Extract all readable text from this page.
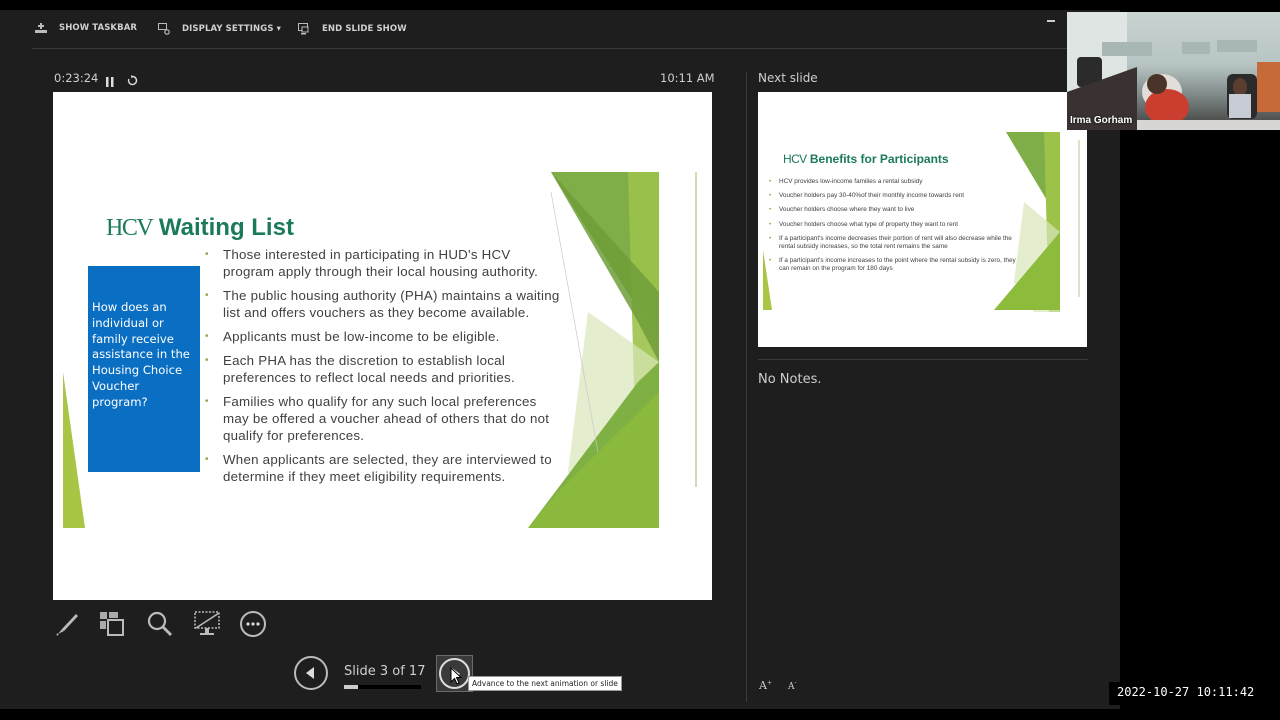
SHOW TASKBAR	DISPLAY SETTINGS ▾	END SLIDE SHOW
0:23:24	10:11 AM
HCV Waiting List
How does an individual or family receive assistance in the Housing Choice Voucher program?
• Those interested in participating in HUD's HCV program apply through their local housing authority.
• The public housing authority (PHA) maintains a waiting list and offers vouchers as they become available.
• Applicants must be low-income to be eligible.
• Each PHA has the discretion to establish local preferences to reflect local needs and priorities.
• Families who qualify for any such local preferences may be offered a voucher ahead of others that do not qualify for preferences.
• When applicants are selected, they are interviewed to determine if they meet eligibility requirements.
Next slide
HCV Benefits for Participants
• HCV provides low-income families a rental subsidy
• Voucher holders pay 30-40%of their monthly income towards rent
• Voucher holders choose where they want to live
• Voucher holders choose what type of property they want to rent
• If a participant's income decreases their portion of rent will also decrease while the rental subsidy increases, so the total rent remains the same
• If a participant's income increases to the point where the rental subsidy is zero, they can remain on the program for 180 days
No Notes.
A+ A-
Slide 3 of 17
Advance to the next animation or slide
Irma Gorham
2022-10-27 10:11:42
